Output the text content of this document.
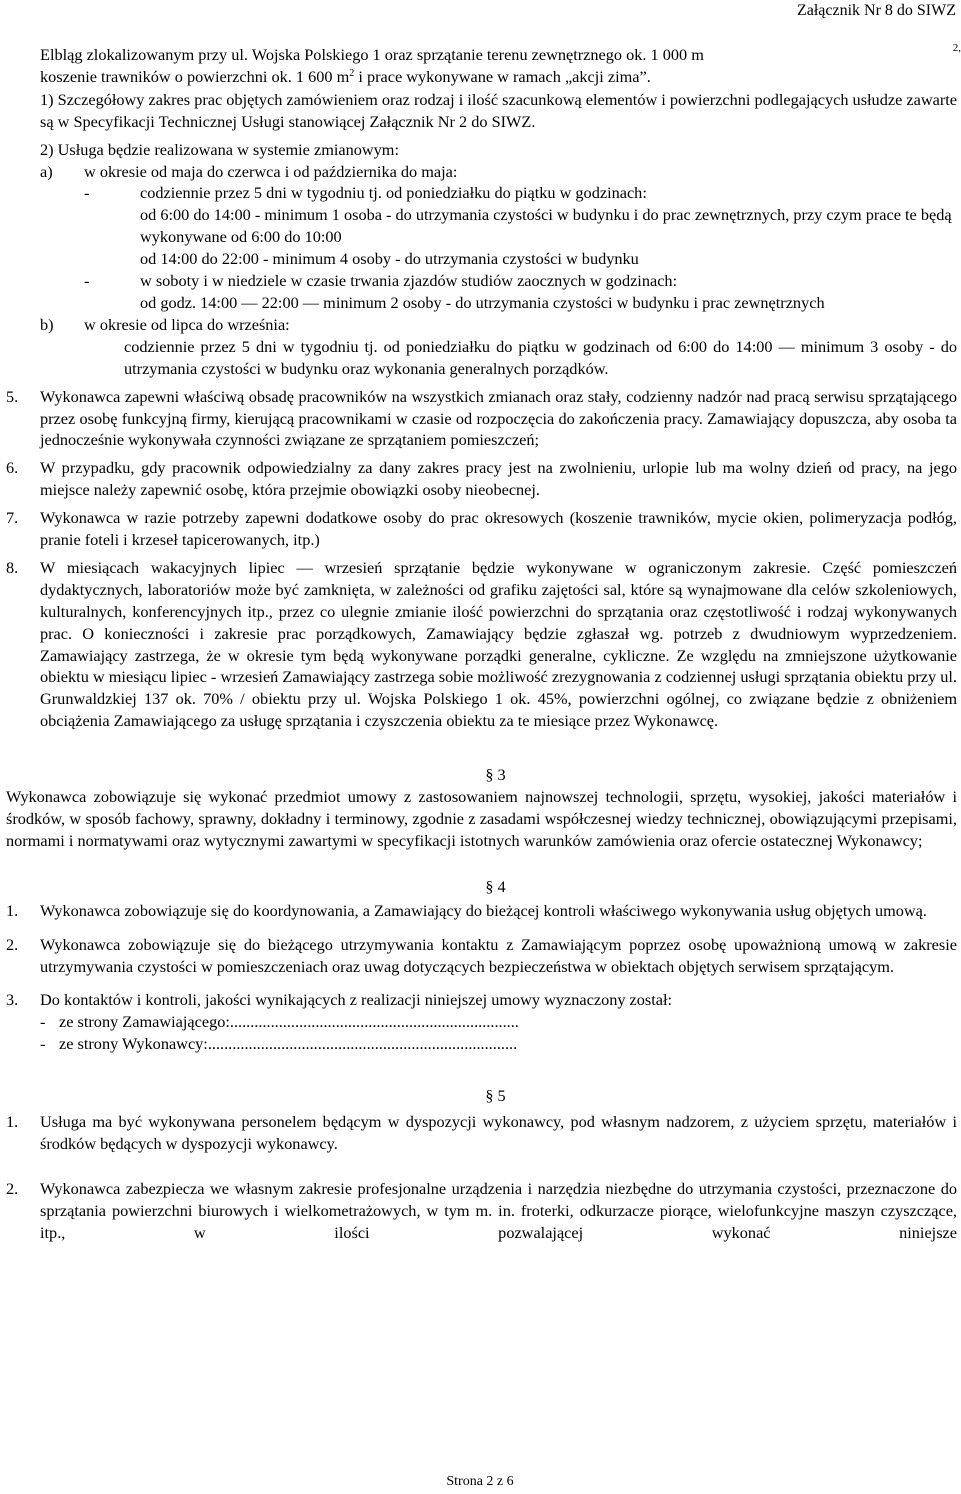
Załącznik Nr 8 do SIWZ

Elbląg zlokalizowanym przy ul. Wojska Polskiego 1 oraz sprzątanie terenu zewnętrznego ok. 1 000 m	2,

koszenie trawników o powierzchni ok. 1 600 $m^2$ i prace wykonywane w ramach „akcji zima”.

1) Szczegółowy zakres prac objętych zamówieniem oraz rodzaj i ilość szacunkową elementów i powierzchni podlegających usłudze zawarte są w Specyfikacji Technicznej Usługi stanowiącej Załącznik Nr 2 do SIWZ.

2) Usługa będzie realizowana w systemie zmianowym:

a)	w okresie od maja do czerwca i od października do maja:
-	codziennie przez 5 dni w tygodniu tj. od poniedziałku do piątku w godzinach:

od 6:00 do 14:00 - minimum 1 osoba - do utrzymania czystości w budynku i do prac zewnętrznych, przy czym prace te będą wykonywane od 6:00 do 10:00

od 14:00 do 22:00 - minimum 4 osoby - do utrzymania czystości w budynku

-	w soboty i w niedziele w czasie trwania zjazdów studiów zaocznych w godzinach:

od godz. 14:00 — 22:00 — minimum 2 osoby - do utrzymania czystości w budynku i prac zewnętrznych

b)	w okresie od lipca do września:

codziennie przez 5 dni w tygodniu tj. od poniedziałku do piątku w godzinach od 6:00 do 14:00 — minimum 3 osoby - do utrzymania czystości w budynku oraz wykonania generalnych porządków.

5.	Wykonawca zapewni właściwą obsadę pracowników na wszystkich zmianach oraz stały, codzienny nadzór nad pracą serwisu sprzątającego przez osobę funkcyjną firmy, kierującą pracownikami w czasie od rozpoczęcia do zakończenia pracy. Zamawiający dopuszcza, aby osoba ta jednocześnie wykonywała czynności związane ze sprzątaniem pomieszczeń;
6.	W przypadku, gdy pracownik odpowiedzialny za dany zakres pracy jest na zwolnieniu, urlopie lub ma wolny dzień od pracy, na jego miejsce należy zapewnić osobę, która przejmie obowiązki osoby nieobecnej.
7.	Wykonawca w razie potrzeby zapewni dodatkowe osoby do prac okresowych (koszenie trawników, mycie okien, polimeryzacja podłóg, pranie foteli i krzeseł tapicerowanych, itp.)
8.	W miesiącach wakacyjnych lipiec — wrzesień sprzątanie będzie wykonywane w ograniczonym zakresie. Część pomieszczeń dydaktycznych, laboratoriów może być zamknięta, w zależności od grafiku zajętości sal, które są wynajmowane dla celów szkoleniowych, kulturalnych, konferencyjnych itp., przez co ulegnie zmianie ilość powierzchni do sprzątania oraz częstotliwość i rodzaj wykonywanych prac. O konieczności i zakresie prac porządkowych, Zamawiający będzie zgłaszał wg. potrzeb z dwudniowym wyprzedzeniem. Zamawiający zastrzega, że w okresie tym będą wykonywane porządki generalne, cykliczne. Ze względu na zmniejszone użytkowanie obiektu w miesiącu lipiec - wrzesień Zamawiający zastrzega sobie możliwość zrezygnowania z codziennej usługi sprzątania obiektu przy ul. Grunwaldzkiej 137 ok. 70% / obiektu przy ul. Wojska Polskiego 1 ok. 45%, powierzchni ogólnej, co związane będzie z obniżeniem obciążenia Zamawiającego za usługę sprzątania i czyszczenia obiektu za te miesiące przez Wykonawcę.

§ 3

Wykonawca zobowiązuje się wykonać przedmiot umowy z zastosowaniem najnowszej technologii, sprzętu, wysokiej, jakości materiałów i środków, w sposób fachowy, sprawny, dokładny i terminowy, zgodnie z zasadami współczesnej wiedzy technicznej, obowiązującymi przepisami, normami i normatywami oraz wytycznymi zawartymi w specyfikacji istotnych warunków zamówienia oraz ofercie ostatecznej Wykonawcy;

§ 4

1.	Wykonawca zobowiązuje się do koordynowania, a Zamawiający do bieżącej kontroli właściwego wykonywania usług objętych umową.
2.	Wykonawca zobowiązuje się do bieżącego utrzymywania kontaktu z Zamawiającym poprzez osobę upoważnioną umową w zakresie utrzymywania czystości w pomieszczeniach oraz uwag dotyczących bezpieczeństwa w obiektach objętych serwisem sprzątającym.
3.	Do kontaktów i kontroli, jakości wynikających z realizacji niniejszej umowy wyznaczony został:
- ze strony Zamawiającego:.......................................................................
- ze strony Wykonawcy:............................................................................

§ 5

1.	Usługa ma być wykonywana personelem będącym w dyspozycji wykonawcy, pod własnym nadzorem, z użyciem sprzętu, materiałów i środków będących w dyspozycji wykonawcy.
2.	Wykonawca zabezpiecza we własnym zakresie profesjonalne urządzenia i narzędzia niezbędne do utrzymania czystości, przeznaczone do sprzątania powierzchni biurowych i wielkometrażowych, w tym m. in. froterki, odkurzacze piorące, wielofunkcyjne maszyn czyszczące, itp., w ilości pozwalającej wykonać niniejsze
Strona 2 z 6
